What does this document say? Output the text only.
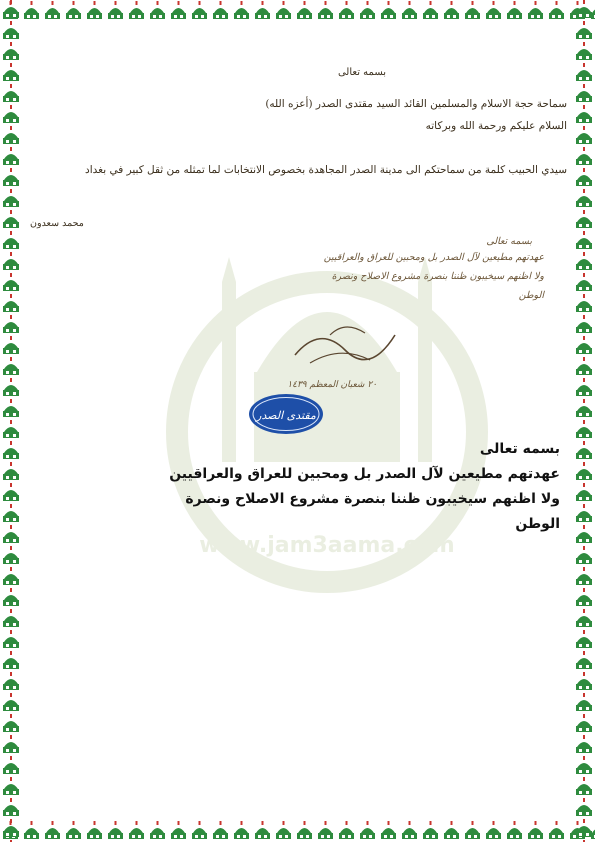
www.jam3aama.com
بسمه تعالى
سماحة حجة الاسلام والمسلمين القائد السيد مقتدى الصدر (أعزه الله)
السلام عليكم ورحمة الله وبركاته
سيدي الحبيب كلمة من سماحتكم الى مدينة الصدر المجاهدة بخصوص الانتخابات لما تمثله من ثقل كبير في بغداد
محمد سعدون
بسمه تعالى
عهدتهم مطيعين لآل الصدر بل ومحبين للعراق والعراقيين
ولا اظنهم سيخيبون ظننا بنصرة مشروع الاصلاح ونصرة
الوطن
٢٠ شعبان المعظم ١٤٣٩
مقتدى الصدر
بسمه تعالى
عهدتهم مطيعين لآل الصدر بل ومحبين للعراق والعراقيين
ولا اظنهم سيخيبون ظننا بنصرة مشروع الاصلاح ونصرة
الوطن
